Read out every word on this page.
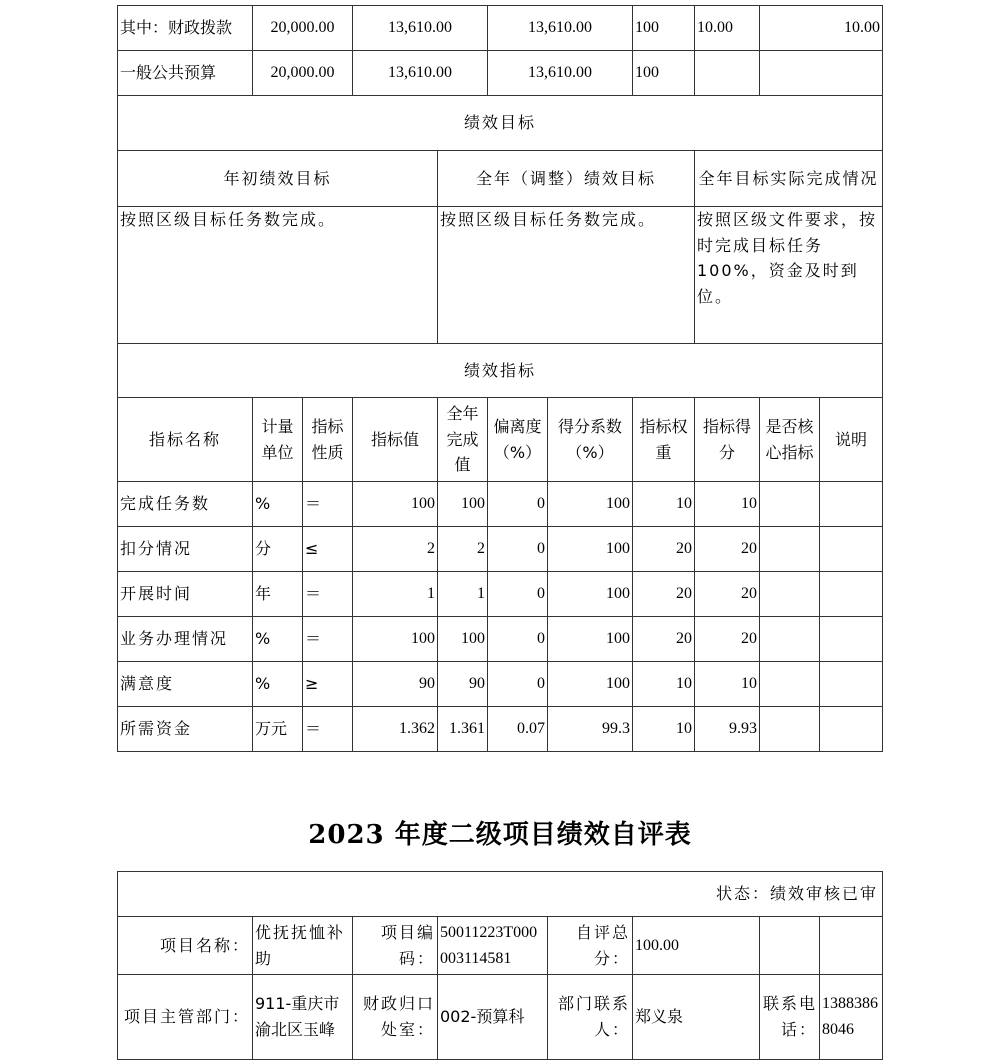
其中：财政拨款	20,000.00		13,610.00		13,610.00		100	10.00	10.00	
一般公共预算	20,000.00		13,610.00		13,610.00		100			
绩效目标										
年初绩效目标				全年（调整）绩效目标				全年目标实际完成情况		
按照区级目标任务数完成。				按照区级目标任务数完成。				按照区级文件要求，按时完成目标任务100%，资金及时到位。		
绩效指标										
指标名称	计量单位	指标性质	指标值	全年完成值	偏离度（%）	得分系数（%）	指标权重	指标得分	是否核心指标	说明
完成任务数	%	＝	100	100	0	100	10	10		
扣分情况	分	≤	2	2	0	100	20	20		
开展时间	年	＝	1	1	0	100	20	20		
业务办理情况	%	＝	100	100	0	100	20	20		
满意度	%	≥	90	90	0	100	10	10		
所需资金	万元	＝	1.362	1.361	0.07	99.3	10	9.93		
2023 年度二级项目绩效自评表
状态：绩效审核已审							
项目名称：	优抚抚恤补助	项目编码：	50011223T000003114581	自评总分：	100.00		
项目主管部门：	911-重庆市渝北区玉峰	财政归口处室：	002-预算科	部门联系人：	郑义泉	联系电话：	13883868046
